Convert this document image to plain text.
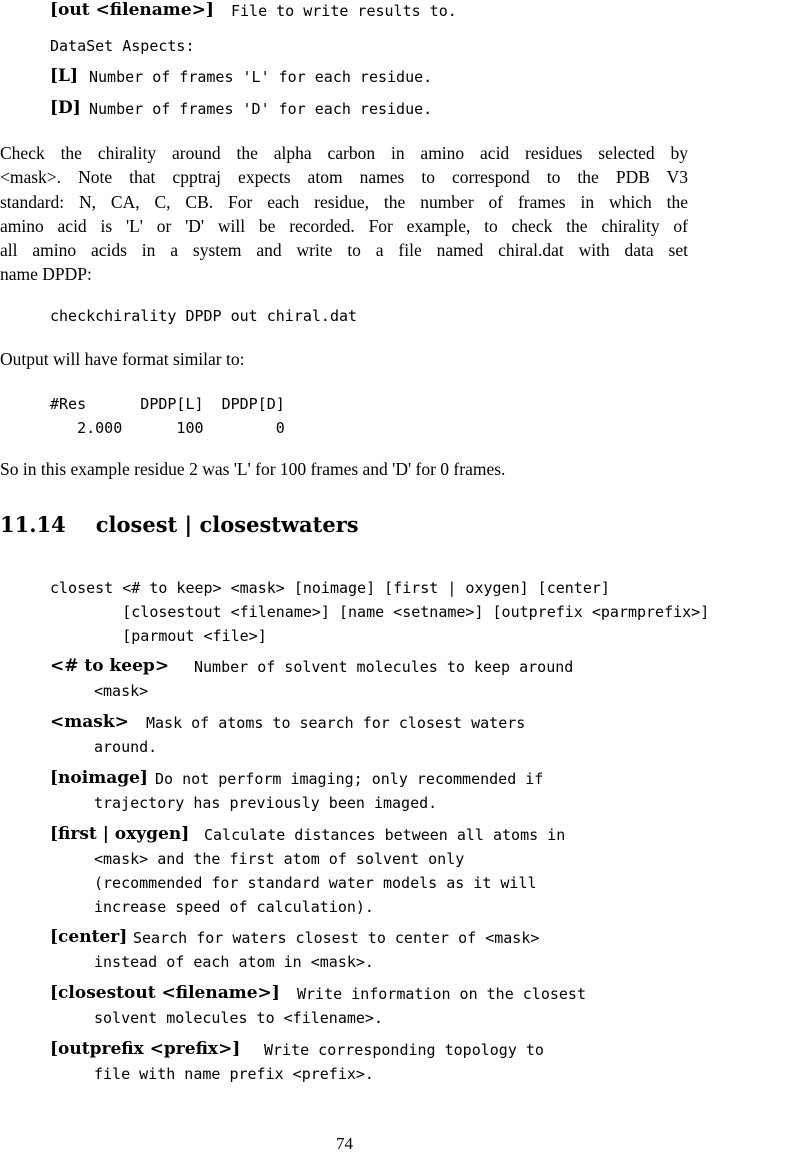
[out <filename>] File to write results to.
DataSet Aspects:
[L] Number of frames 'L' for each residue.
[D] Number of frames 'D' for each residue.
Check the chirality around the alpha carbon in amino acid residues selected by
<mask>. Note that cpptraj expects atom names to correspond to the PDB V3
standard: N, CA, C, CB. For each residue, the number of frames in which the
amino acid is 'L' or 'D' will be recorded. For example, to check the chirality of
all amino acids in a system and write to a file named chiral.dat with data set
name DPDP:
checkchirality DPDP out chiral.dat
Output will have format similar to:
#Res      DPDP[L]  DPDP[D]
2.000      100        0
So in this example residue 2 was 'L' for 100 frames and 'D' for 0 frames.
11.14 closest | closestwaters
closest <# to keep> <mask> [noimage] [first | oxygen] [center]
[closestout <filename>] [name <setname>] [outprefix <parmprefix>]
[parmout <file>]
<# to keep> Number of solvent molecules to keep around
<mask>
<mask> Mask of atoms to search for closest waters
around.
[noimage] Do not perform imaging; only recommended if
trajectory has previously been imaged.
[first | oxygen] Calculate distances between all atoms in
<mask> and the first atom of solvent only
(recommended for standard water models as it will
increase speed of calculation).
[center] Search for waters closest to center of <mask>
instead of each atom in <mask>.
[closestout <filename>] Write information on the closest
solvent molecules to <filename>.
[outprefix <prefix>] Write corresponding topology to
file with name prefix <prefix>.
74
